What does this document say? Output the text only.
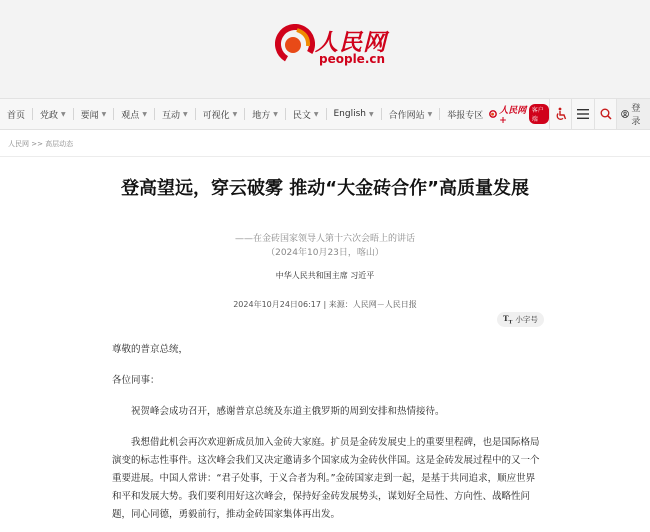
人民网
people.cn
首页 党政 ▼ 要闻 ▼ 观点 ▼ 互动 ▼ 可视化 ▼ 地方 ▼ 民文 ▼ English ▼ 合作网站 ▼ 举报专区 人民网+
客户端
登录
人民网 >> 高层动态
登高望远，穿云破雾 推动“大金砖合作”高质量发展
——在金砖国家领导人第十六次会晤上的讲话
（2024年10月23日，喀山）
中华人民共和国主席 习近平
2024年10月24日06:17 | 来源：人民网－人民日报
$T_T$ 小字号

尊敬的普京总统，

各位同事：

祝贺峰会成功召开，感谢普京总统及东道主俄罗斯的周到安排和热情接待。

我想借此机会再次欢迎新成员加入金砖大家庭。扩员是金砖发展史上的重要里程碑，也是国际格局演变的标志性事件。这次峰会我们又决定邀请多个国家成为金砖伙伴国。这是金砖发展过程中的又一个重要进展。中国人常讲：“君子处事，于义合者为利。”金砖国家走到一起，是基于共同追求，顺应世界和平和发展大势。我们要利用好这次峰会，保持好金砖发展势头，谋划好全局性、方向性、战略性问题，同心同德，勇毅前行，推动金砖国家集体再出发。
